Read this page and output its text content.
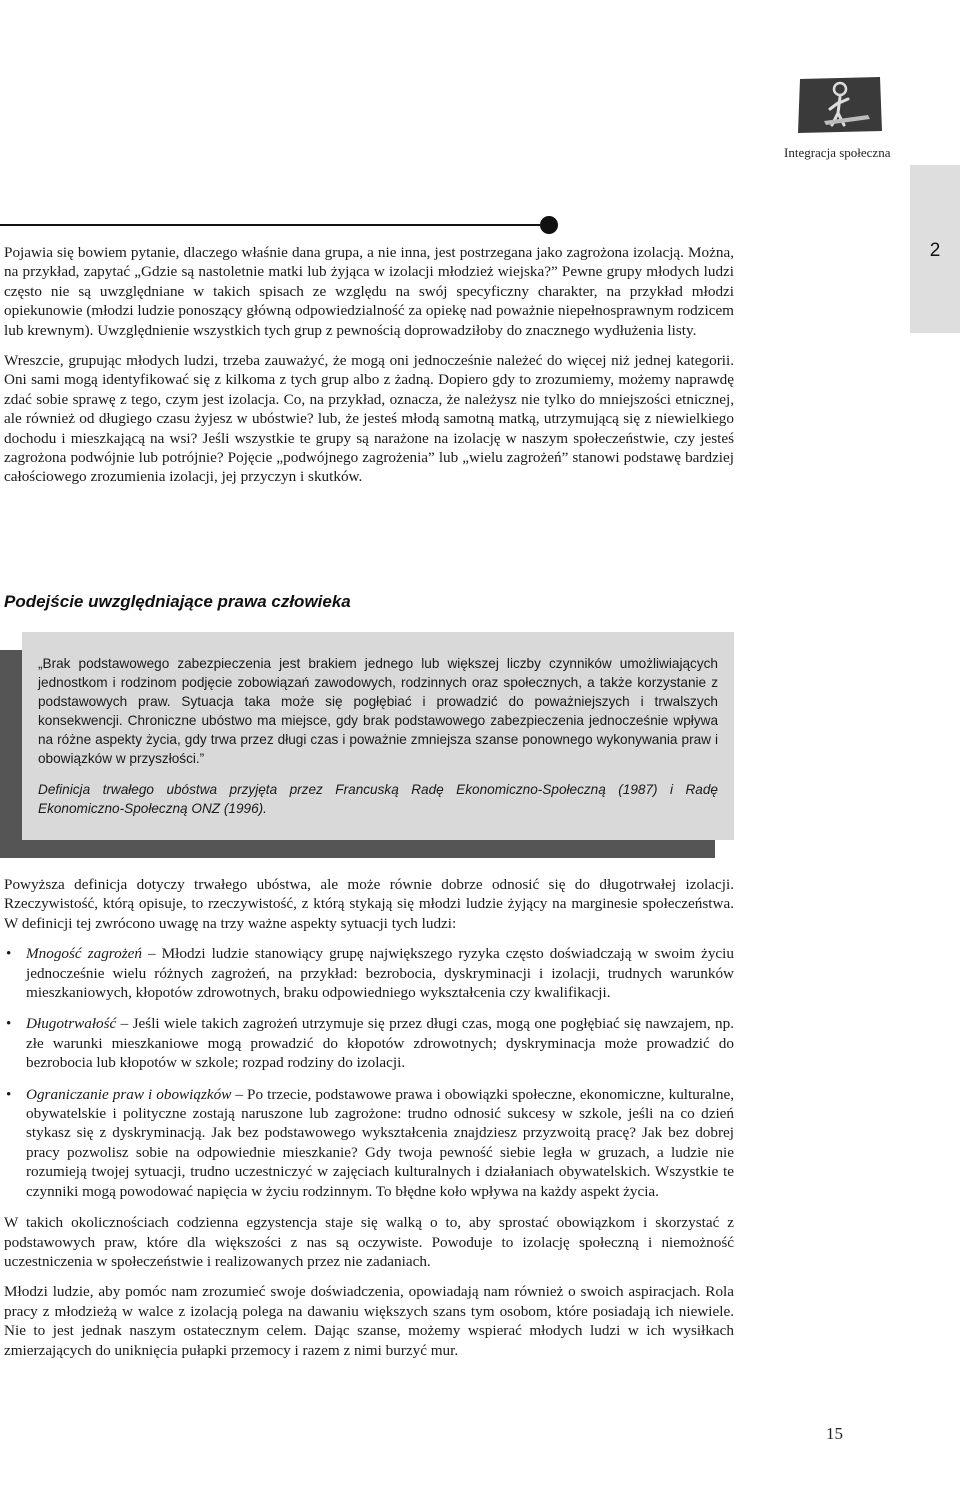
Integracja społeczna
2

Pojawia się bowiem pytanie, dlaczego właśnie dana grupa, a nie inna, jest postrzegana jako zagrożona izolacją. Można, na przykład, zapytać „Gdzie są nastoletnie matki lub żyjąca w izolacji młodzież wiejska?” Pewne grupy młodych ludzi często nie są uwzględniane w takich spisach ze względu na swój specyficzny charakter, na przykład młodzi opiekunowie (młodzi ludzie ponoszący główną odpowiedzialność za opiekę nad poważnie niepełnosprawnym rodzicem lub krewnym). Uwzględnienie wszystkich tych grup z pewnością doprowadziłoby do znacznego wydłużenia listy.

Wreszcie, grupując młodych ludzi, trzeba zauważyć, że mogą oni jednocześnie należeć do więcej niż jednej kategorii. Oni sami mogą identyfikować się z kilkoma z tych grup albo z żadną. Dopiero gdy to zrozumiemy, możemy naprawdę zdać sobie sprawę z tego, czym jest izolacja. Co, na przykład, oznacza, że należysz nie tylko do mniejszości etnicznej, ale również od długiego czasu żyjesz w ubóstwie? lub, że jesteś młodą samotną matką, utrzymującą się z niewielkiego dochodu i mieszkającą na wsi? Jeśli wszystkie te grupy są narażone na izolację w naszym społeczeństwie, czy jesteś zagrożona podwójnie lub potrójnie? Pojęcie „podwójnego zagrożenia” lub „wielu zagrożeń” stanowi podstawę bardziej całościowego zrozumienia izolacji, jej przyczyn i skutków.

Podejście uwzględniające prawa człowieka

„Brak podstawowego zabezpieczenia jest brakiem jednego lub większej liczby czynników umożliwiających jednostkom i rodzinom podjęcie zobowiązań zawodowych, rodzinnych oraz społecznych, a także korzystanie z podstawowych praw. Sytuacja taka może się pogłębiać i prowadzić do poważniejszych i trwalszych konsekwencji. Chroniczne ubóstwo ma miejsce, gdy brak podstawowego zabezpieczenia jednocześnie wpływa na różne aspekty życia, gdy trwa przez długi czas i poważnie zmniejsza szanse ponownego wykonywania praw i obowiązków w przyszłości.”

Definicja trwałego ubóstwa przyjęta przez Francuską Radę Ekonomiczno-Społeczną (1987) i Radę Ekonomiczno-Społeczną ONZ (1996).

Powyższa definicja dotyczy trwałego ubóstwa, ale może równie dobrze odnosić się do długotrwałej izolacji. Rzeczywistość, którą opisuje, to rzeczywistość, z którą stykają się młodzi ludzie żyjący na marginesie społeczeństwa. W definicji tej zwrócono uwagę na trzy ważne aspekty sytuacji tych ludzi:

• Mnogość zagrożeń – Młodzi ludzie stanowiący grupę największego ryzyka często doświadczają w swoim życiu jednocześnie wielu różnych zagrożeń, na przykład: bezrobocia, dyskryminacji i izolacji, trudnych warunków mieszkaniowych, kłopotów zdrowotnych, braku odpowiedniego wykształcenia czy kwalifikacji.
• Długotrwałość – Jeśli wiele takich zagrożeń utrzymuje się przez długi czas, mogą one pogłębiać się nawzajem, np. złe warunki mieszkaniowe mogą prowadzić do kłopotów zdrowotnych; dyskryminacja może prowadzić do bezrobocia lub kłopotów w szkole; rozpad rodziny do izolacji.
• Ograniczanie praw i obowiązków – Po trzecie, podstawowe prawa i obowiązki społeczne, ekonomiczne, kulturalne, obywatelskie i polityczne zostają naruszone lub zagrożone: trudno odnosić sukcesy w szkole, jeśli na co dzień stykasz się z dyskryminacją. Jak bez podstawowego wykształcenia znajdziesz przyzwoitą pracę? Jak bez dobrej pracy pozwolisz sobie na odpowiednie mieszkanie? Gdy twoja pewność siebie legła w gruzach, a ludzie nie rozumieją twojej sytuacji, trudno uczestniczyć w zajęciach kulturalnych i działaniach obywatelskich. Wszystkie te czynniki mogą powodować napięcia w życiu rodzinnym. To błędne koło wpływa na każdy aspekt życia.

W takich okolicznościach codzienna egzystencja staje się walką o to, aby sprostać obowiązkom i skorzystać z podstawowych praw, które dla większości z nas są oczywiste. Powoduje to izolację społeczną i niemożność uczestniczenia w społeczeństwie i realizowanych przez nie zadaniach.

Młodzi ludzie, aby pomóc nam zrozumieć swoje doświadczenia, opowiadają nam również o swoich aspiracjach. Rola pracy z młodzieżą w walce z izolacją polega na dawaniu większych szans tym osobom, które posiadają ich niewiele. Nie to jest jednak naszym ostatecznym celem. Dając szanse, możemy wspierać młodych ludzi w ich wysiłkach zmierzających do uniknięcia pułapki przemocy i razem z nimi burzyć mur.

15
